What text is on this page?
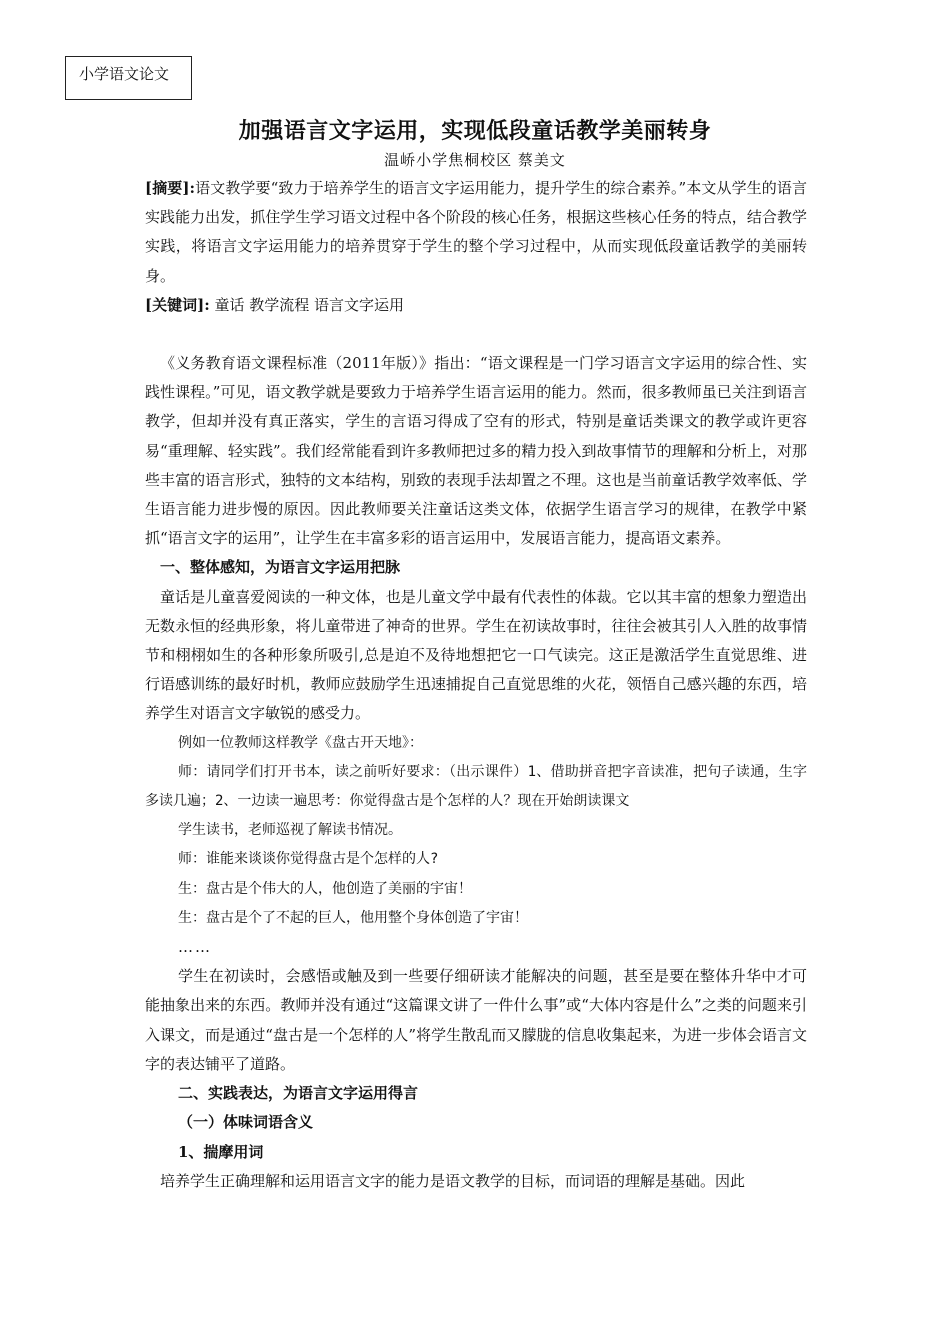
小学语文论文
加强语言文字运用，实现低段童话教学美丽转身
温峤小学焦桐校区 蔡美文

[摘要]:语文教学要“致力于培养学生的语言文字运用能力，提升学生的综合素养。”本文从学生的语言实践能力出发，抓住学生学习语文过程中各个阶段的核心任务，根据这些核心任务的特点，结合教学实践，将语言文字运用能力的培养贯穿于学生的整个学习过程中，从而实现低段童话教学的美丽转身。

[关键词]: 童话 教学流程 语言文字运用

《义务教育语文课程标准（2011年版）》指出：“语文课程是一门学习语言文字运用的综合性、实践性课程。”可见，语文教学就是要致力于培养学生语言运用的能力。然而，很多教师虽已关注到语言教学，但却并没有真正落实，学生的言语习得成了空有的形式，特别是童话类课文的教学或许更容易“重理解、轻实践”。我们经常能看到许多教师把过多的精力投入到故事情节的理解和分析上，对那些丰富的语言形式，独特的文本结构，别致的表现手法却置之不理。这也是当前童话教学效率低、学生语言能力进步慢的原因。因此教师要关注童话这类文体，依据学生语言学习的规律，在教学中紧抓“语言文字的运用”，让学生在丰富多彩的语言运用中，发展语言能力，提高语文素养。

一、整体感知，为语言文字运用把脉

童话是儿童喜爱阅读的一种文体，也是儿童文学中最有代表性的体裁。它以其丰富的想象力塑造出无数永恒的经典形象，将儿童带进了神奇的世界。学生在初读故事时，往往会被其引人入胜的故事情节和栩栩如生的各种形象所吸引,总是迫不及待地想把它一口气读完。这正是激活学生直觉思维、进行语感训练的最好时机，教师应鼓励学生迅速捕捉自己直觉思维的火花，领悟自己感兴趣的东西，培养学生对语言文字敏锐的感受力。

例如一位教师这样教学《盘古开天地》：

师：请同学们打开书本，读之前听好要求：（出示课件）1、借助拼音把字音读准，把句子读通，生字多读几遍；2、一边读一遍思考：你觉得盘古是个怎样的人？现在开始朗读课文

学生读书，老师巡视了解读书情况。

师：谁能来谈谈你觉得盘古是个怎样的人?

生：盘古是个伟大的人，他创造了美丽的宇宙！

生：盘古是个了不起的巨人，他用整个身体创造了宇宙！

……

学生在初读时，会感悟或触及到一些要仔细研读才能解决的问题，甚至是要在整体升华中才可能抽象出来的东西。教师并没有通过“这篇课文讲了一件什么事”或“大体内容是什么”之类的问题来引入课文，而是通过“盘古是一个怎样的人”将学生散乱而又朦胧的信息收集起来，为进一步体会语言文字的表达铺平了道路。

二、实践表达，为语言文字运用得言

（一）体味词语含义

1、揣摩用词

培养学生正确理解和运用语言文字的能力是语文教学的目标，而词语的理解是基础。因此
